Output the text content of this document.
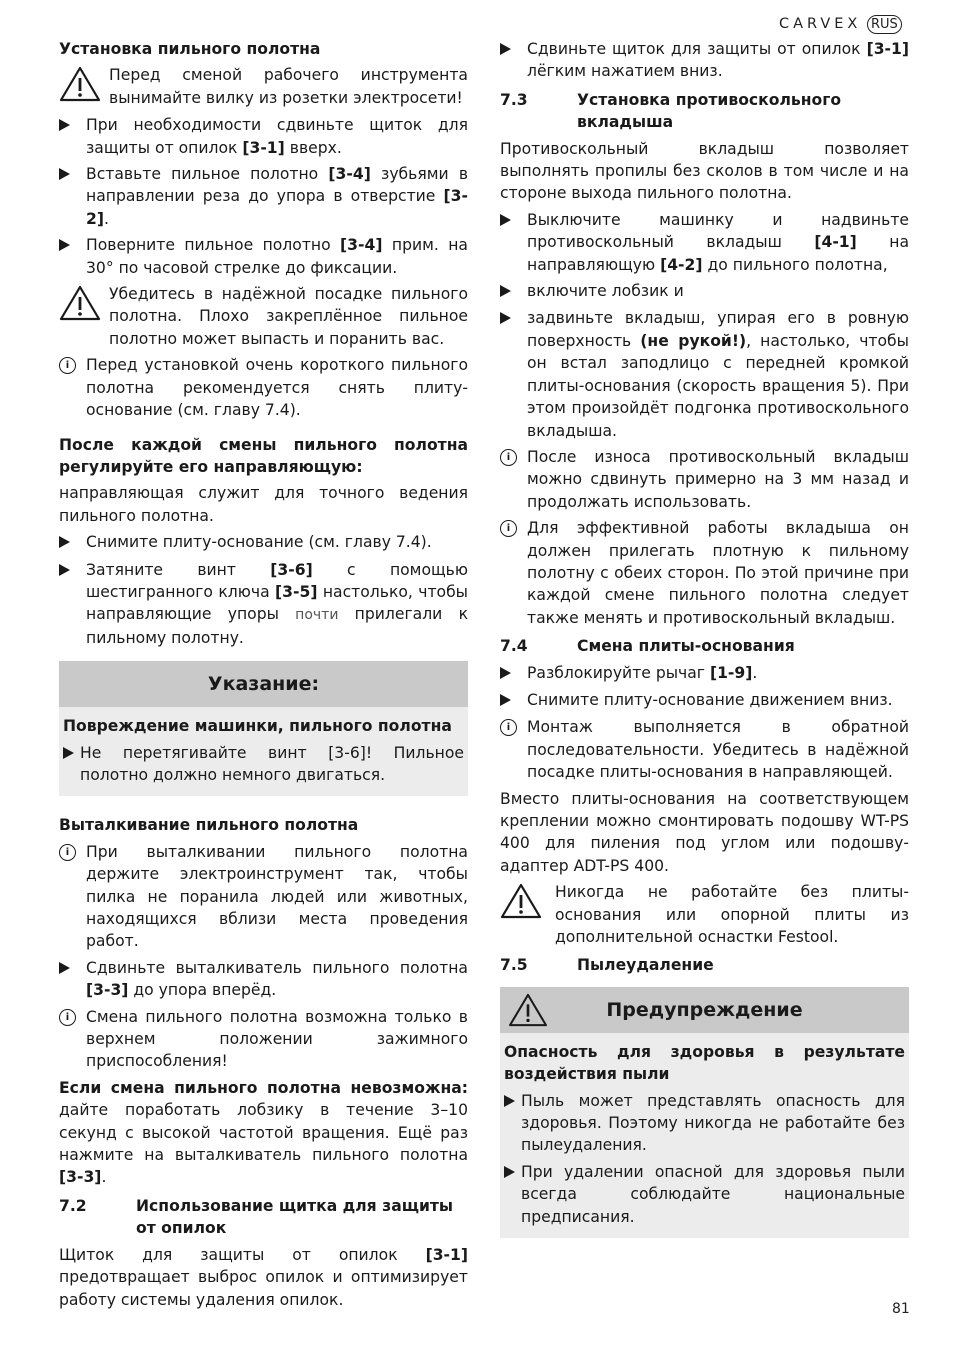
CARVEX RUS

Установка пильного полотна

Перед сменой рабочего инструмента вынимайте вилку из розетки электросети!

При необходимости сдвиньте щиток для защиты от опилок [3-1] вверх.

Вставьте пильное полотно [3-4] зубьями в направлении реза до упора в отверстие [3-2].

Поверните пильное полотно [3-4] прим. на 30° по часовой стрелке до фиксации.

Убедитесь в надёжной посадке пильного полотна. Плохо закреплённое пильное полотно может выпасть и поранить вас.

i	Перед установкой очень короткого пильного полотна рекомендуется снять плиту-основание (см. главу 7.4).

После каждой смены пильного полотна регулируйте его направляющую:

направляющая служит для точного ведения пильного полотна.

Снимите плиту-основание (см. главу 7.4).

Затяните винт [3-6] с помощью шестигранного ключа [3-5] настолько, чтобы направляющие упоры почти прилегали к пильному полотну.

Указание:

Повреждение машинки, пильного полотна

Не перетягивайте винт [3-6]! Пильное полотно должно немного двигаться.

Выталкивание пильного полотна

i	При выталкивании пильного полотна держите электроинструмент так, чтобы пилка не поранила людей или животных, находящихся вблизи места проведения работ.

Сдвиньте выталкиватель пильного полотна [3-3] до упора вперёд.

i	Смена пильного полотна возможна только в верхнем положении зажимного приспособления!

Если смена пильного полотна невозможна: дайте поработать лобзику в течение 3–10 секунд с высокой частотой вращения. Ещё раз нажмите на выталкиватель пильного полотна [3-3].

7.2	Использование щитка для защиты от опилок

Щиток для защиты от опилок [3-1] предотвращает выброс опилок и оптимизирует работу системы удаления опилок.

Сдвиньте щиток для защиты от опилок [3-1] лёгким нажатием вниз.

7.3	Установка противоскольного вкладыша

Противоскольный вкладыш позволяет выполнять пропилы без сколов в том числе и на стороне выхода пильного полотна.

Выключите машинку и надвиньте противоскольный вкладыш [4-1] на направляющую [4-2] до пильного полотна,

включите лобзик и

задвиньте вкладыш, упирая его в ровную поверхность (не рукой!), настолько, чтобы он встал заподлицо с передней кромкой плиты-основания (скорость вращения 5). При этом произойдёт подгонка противоскольного вкладыша.

i	После износа противоскольный вкладыш можно сдвинуть примерно на 3 мм назад и продолжать использовать.

i	Для эффективной работы вкладыша он должен прилегать плотную к пильному полотну с обеих сторон. По этой причине при каждой смене пильного полотна следует также менять и противоскольный вкладыш.

7.4	Смена плиты-основания

Разблокируйте рычаг [1-9].

Снимите плиту-основание движением вниз.

i	Монтаж выполняется в обратной последовательности. Убедитесь в надёжной посадке плиты-основания в направляющей.

Вместо плиты-основания на соответствующем креплении можно смонтировать подошву WT-PS 400 для пиления под углом или подошву-адаптер ADT-PS 400.

Никогда не работайте без плиты-основания или опорной плиты из дополнительной оснастки Festool.

7.5	Пылеудаление
Предупреждение

Опасность для здоровья в результате воздействия пыли

Пыль может представлять опасность для здоровья. Поэтому никогда не работайте без пылеудаления.

При удалении опасной для здоровья пыли всегда соблюдайте национальные предписания.

81
